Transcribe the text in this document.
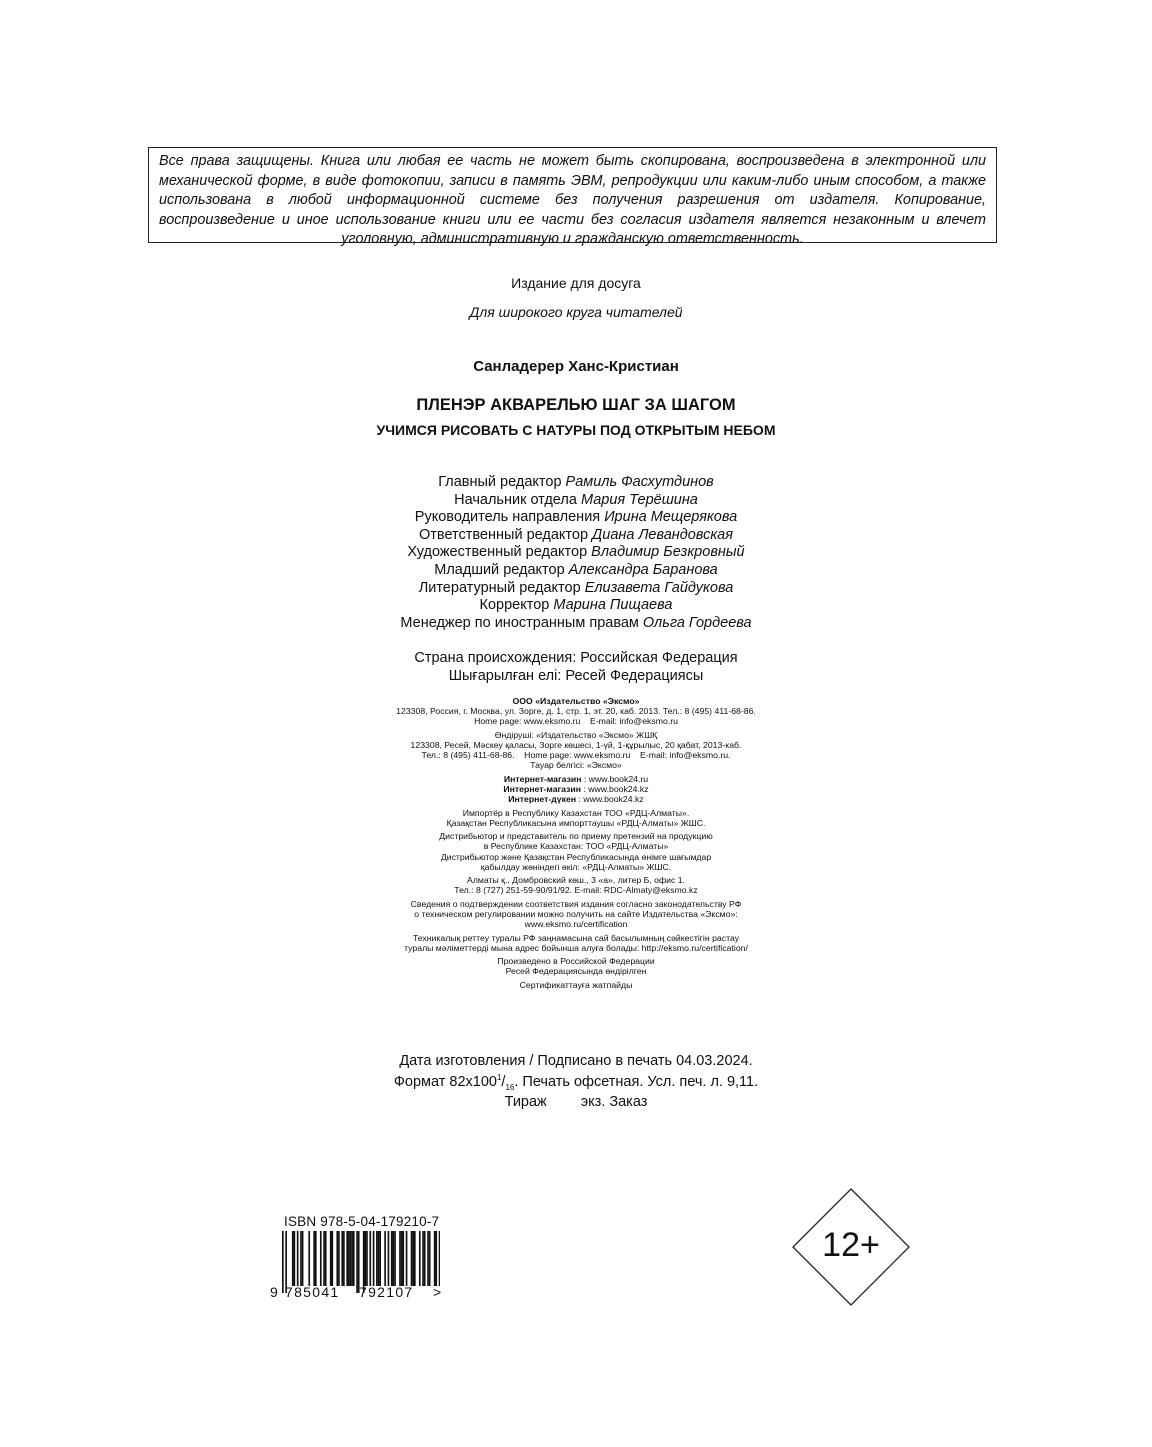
Все права защищены. Книга или любая ее часть не может быть скопирована, воспроизведена в электронной или механической форме, в виде фотокопии, записи в память ЭВМ, репродукции или каким-либо иным способом, а также использована в любой информационной системе без получения разрешения от издателя. Копирование, воспроизведение и иное использование книги или ее части без согласия издателя является незаконным и влечет уголовную, административную и гражданскую ответственность.
Издание для досуга
Для широкого круга читателей
Санладерер Ханс-Кристиан
ПЛЕНЭР АКВАРЕЛЬЮ ШАГ ЗА ШАГОМ
УЧИМСЯ РИСОВАТЬ С НАТУРЫ ПОД ОТКРЫТЫМ НЕБОМ
Главный редактор Рамиль Фасхутдинов
Начальник отдела Мария Терёшина
Руководитель направления Ирина Мещерякова
Ответственный редактор Диана Левандовская
Художественный редактор Владимир Безкровный
Младший редактор Александра Баранова
Литературный редактор Елизавета Гайдукова
Корректор Марина Пищаева
Менеджер по иностранным правам Ольга Гордеева
Страна происхождения: Российская Федерация
Шығарылған елі: Ресей Федерациясы
ООО «Издательство «Эксмо»
123308, Россия, г. Москва, ул. Зорге, д. 1, стр. 1, эт. 20, каб. 2013. Тел.: 8 (495) 411-68-86.
Home page: www.eksmo.ru    E-mail: info@eksmo.ru
Өндіруші: «Издательство «Эксмо» ЖШҚ
123308, Ресей, Мәскеу қаласы, Зорге көшесі, 1-үй, 1-құрылыс, 20 қабат, 2013-каб.
Тел.: 8 (495) 411-68-86.    Home page: www.eksmo.ru    E-mail: info@eksmo.ru.
Тауар белгісі: «Эксмо»
Интернет-магазин : www.book24.ru
Интернет-магазин : www.book24.kz
Интернет-дүкен : www.book24.kz
Импортёр в Республику Казахстан ТОО «РДЦ-Алматы».
Қазақстан Республикасына импорттаушы «РДЦ-Алматы» ЖШС.
Дистрибьютор и представитель по приему претензий на продукцию
в Республике Казахстан: ТОО «РДЦ-Алматы»
Дистрибьютор және Қазақстан Республикасында өнімге шағымдар
қабылдау жөніндегі өкіл: «РДЦ-Алматы» ЖШС.
Алматы қ., Домбровский көш., 3 «а», литер Б, офис 1.
Тел.: 8 (727) 251-59-90/91/92. E-mail: RDC-Almaty@eksmo.kz
Сведения о подтверждении соответствия издания согласно законодательству РФ
о техническом регулировании можно получить на сайте Издательства «Эксмо»:
www.eksmo.ru/certification
Техникалық реттеу туралы РФ заңнамасына сай басылымның сәйкестігін растау
туралы мәліметтерді мына адрес бойынша алуға болады: http://eksmo.ru/certification/
Произведено в Российской Федерации
Ресей Федерациясында өндірілген
Сертификаттауға жатпайды
Дата изготовления / Подписано в печать 04.03.2024.
Формат $82х100^1/_{16}$. Печать офсетная. Усл. печ. л. 9,11.
Тираж экз. Заказ
ISBN 978-5-04-179210-7
9 785041 792107 >
12+
